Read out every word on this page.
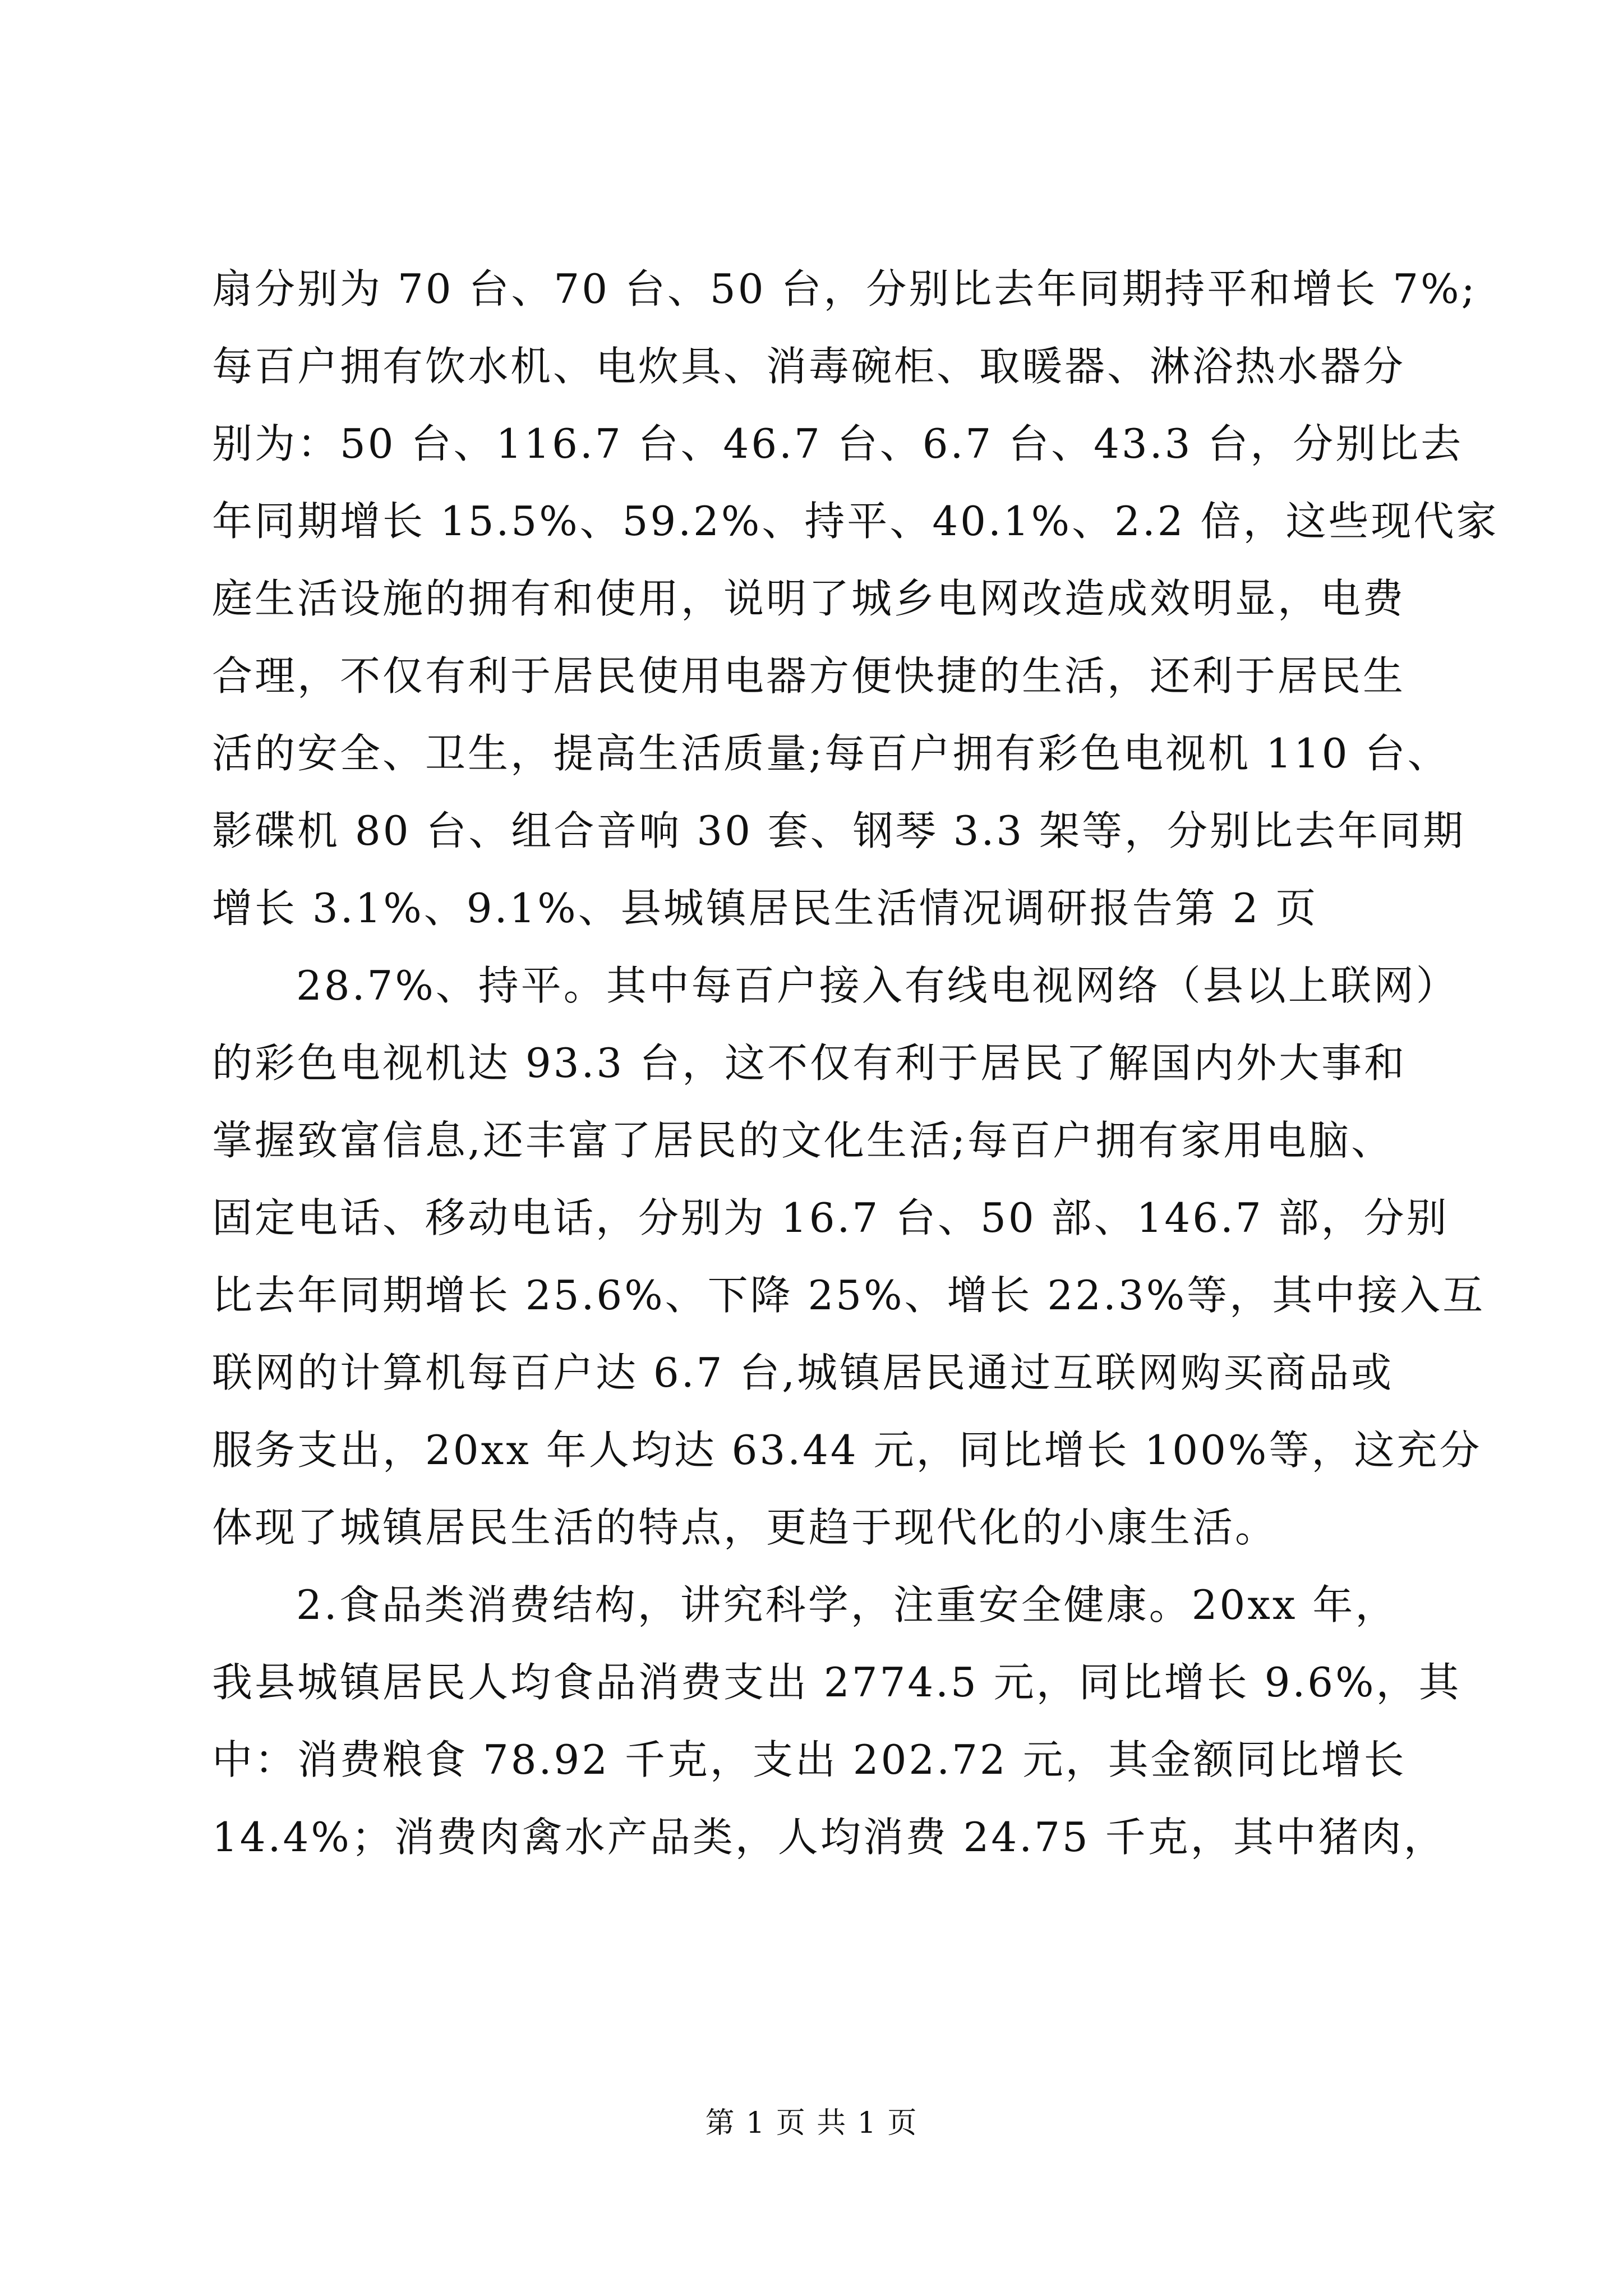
扇分别为 70 台、70 台、50 台，分别比去年同期持平和增长 7%;
每百户拥有饮水机、电炊具、消毒碗柜、取暖器、淋浴热水器分
别为：50 台、116.7 台、46.7 台、6.7 台、43.3 台，分别比去
年同期增长 15.5%、59.2%、持平、40.1%、2.2 倍，这些现代家
庭生活设施的拥有和使用，说明了城乡电网改造成效明显，电费
合理，不仅有利于居民使用电器方便快捷的生活，还利于居民生
活的安全、卫生，提高生活质量;每百户拥有彩色电视机 110 台、
影碟机 80 台、组合音响 30 套、钢琴 3.3 架等，分别比去年同期
增长 3.1%、9.1%、县城镇居民生活情况调研报告第 2 页
28.7%、持平。其中每百户接入有线电视网络（县以上联网）
的彩色电视机达 93.3 台，这不仅有利于居民了解国内外大事和
掌握致富信息,还丰富了居民的文化生活;每百户拥有家用电脑、
固定电话、移动电话，分别为 16.7 台、50 部、146.7 部，分别
比去年同期增长 25.6%、下降 25%、增长 22.3%等，其中接入互
联网的计算机每百户达 6.7 台,城镇居民通过互联网购买商品或
服务支出，20xx 年人均达 63.44 元，同比增长 100%等，这充分
体现了城镇居民生活的特点，更趋于现代化的小康生活。
2.食品类消费结构，讲究科学，注重安全健康。20xx 年，
我县城镇居民人均食品消费支出 2774.5 元，同比增长 9.6%，其
中：消费粮食 78.92 千克，支出 202.72 元，其金额同比增长
14.4%；消费肉禽水产品类，人均消费 24.75 千克，其中猪肉，
第 1 页 共 1 页
